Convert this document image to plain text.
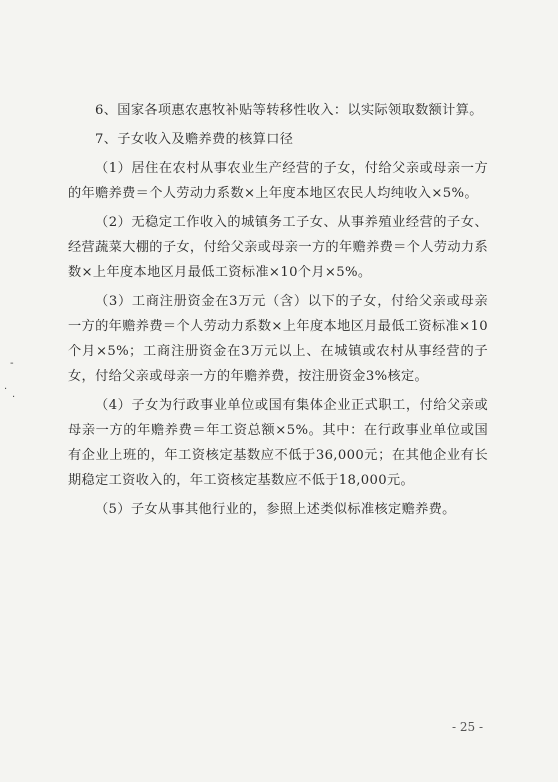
-
·
·

6、国家各项惠农惠牧补贴等转移性收入：以实际领取数额计算。

7、子女收入及赡养费的核算口径

（1）居住在农村从事农业生产经营的子女，付给父亲或母亲一方的年赡养费＝个人劳动力系数×上年度本地区农民人均纯收入×5%。

（2）无稳定工作收入的城镇务工子女、从事养殖业经营的子女、经营蔬菜大棚的子女，付给父亲或母亲一方的年赡养费＝个人劳动力系数×上年度本地区月最低工资标准×10个月×5%。

（3）工商注册资金在3万元（含）以下的子女，付给父亲或母亲一方的年赡养费＝个人劳动力系数×上年度本地区月最低工资标准×10个月×5%；工商注册资金在3万元以上、在城镇或农村从事经营的子女，付给父亲或母亲一方的年赡养费，按注册资金3%核定。

（4）子女为行政事业单位或国有集体企业正式职工，付给父亲或母亲一方的年赡养费＝年工资总额×5%。其中：在行政事业单位或国有企业上班的，年工资核定基数应不低于36,000元；在其他企业有长期稳定工资收入的，年工资核定基数应不低于18,000元。

（5）子女从事其他行业的，参照上述类似标准核定赡养费。

- 25 -
